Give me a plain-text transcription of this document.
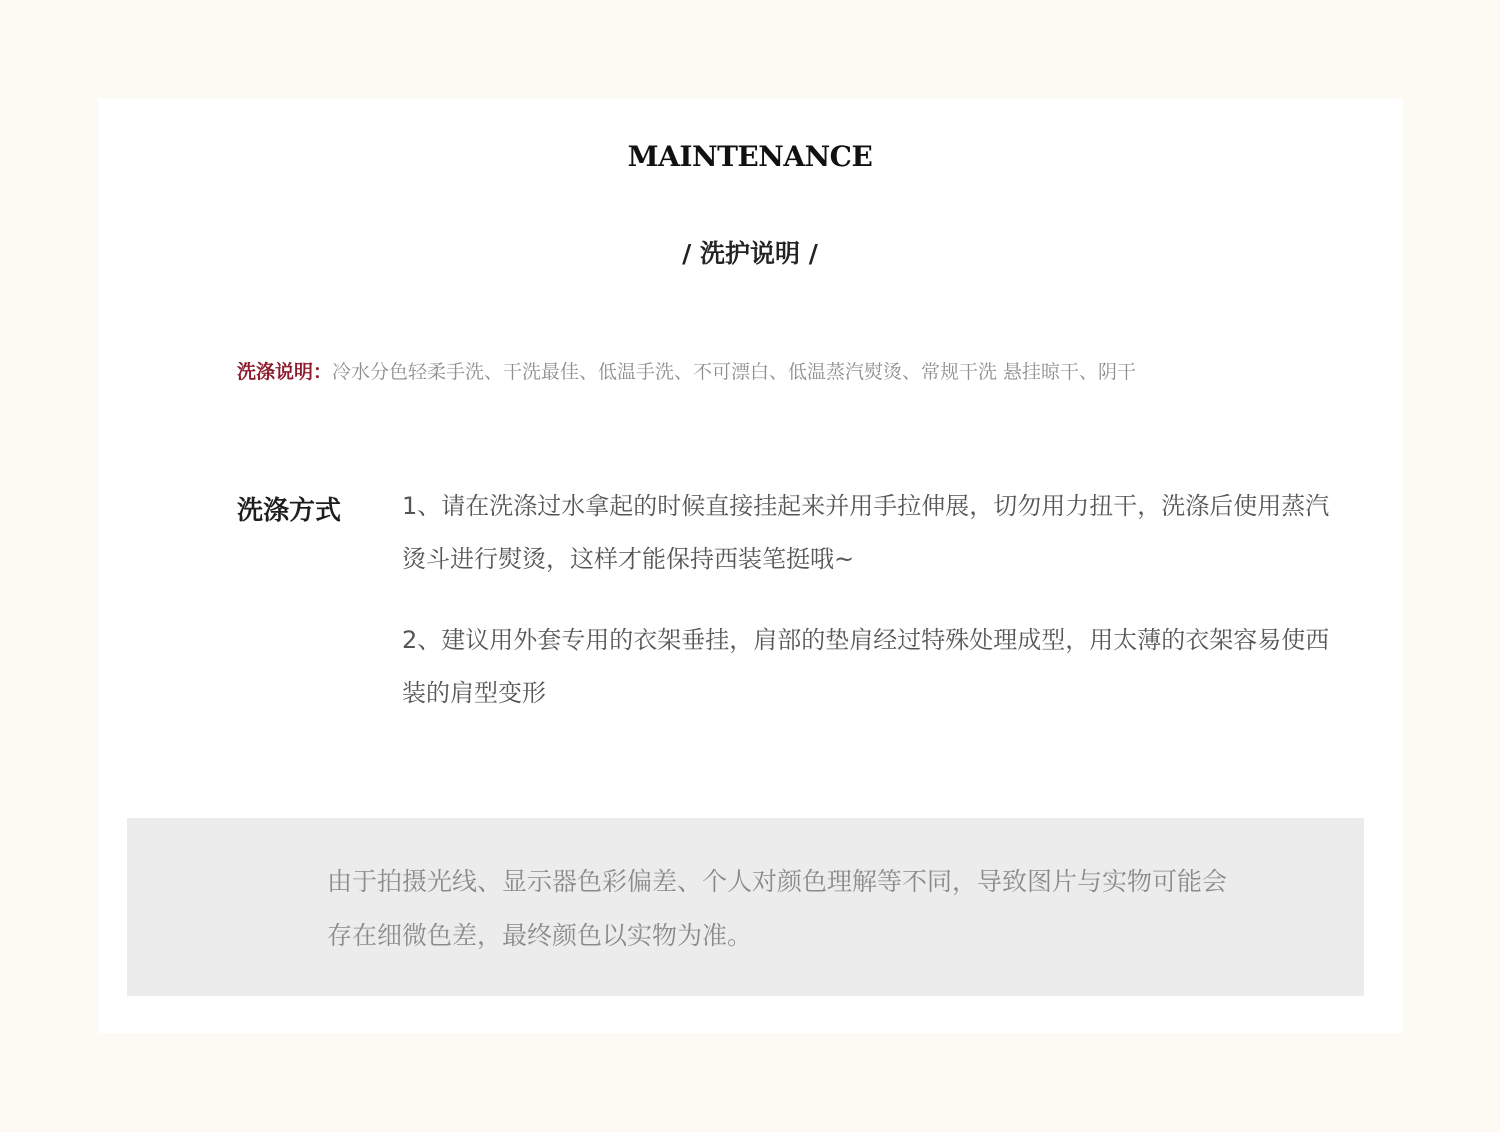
MAINTENANCE
/ 洗护说明 /
洗涤说明：冷水分色轻柔手洗、干洗最佳、低温手洗、不可漂白、低温蒸汽熨烫、常规干洗 悬挂晾干、阴干
洗涤方式	1、请在洗涤过水拿起的时候直接挂起来并用手拉伸展，切勿用力扭干，洗涤后使用蒸汽烫斗进行熨烫，这样才能保持西装笔挺哦~
2、建议用外套专用的衣架垂挂，肩部的垫肩经过特殊处理成型，用太薄的衣架容易使西装的肩型变形
由于拍摄光线、显示器色彩偏差、个人对颜色理解等不同，导致图片与实物可能会存在细微色差，最终颜色以实物为准。
